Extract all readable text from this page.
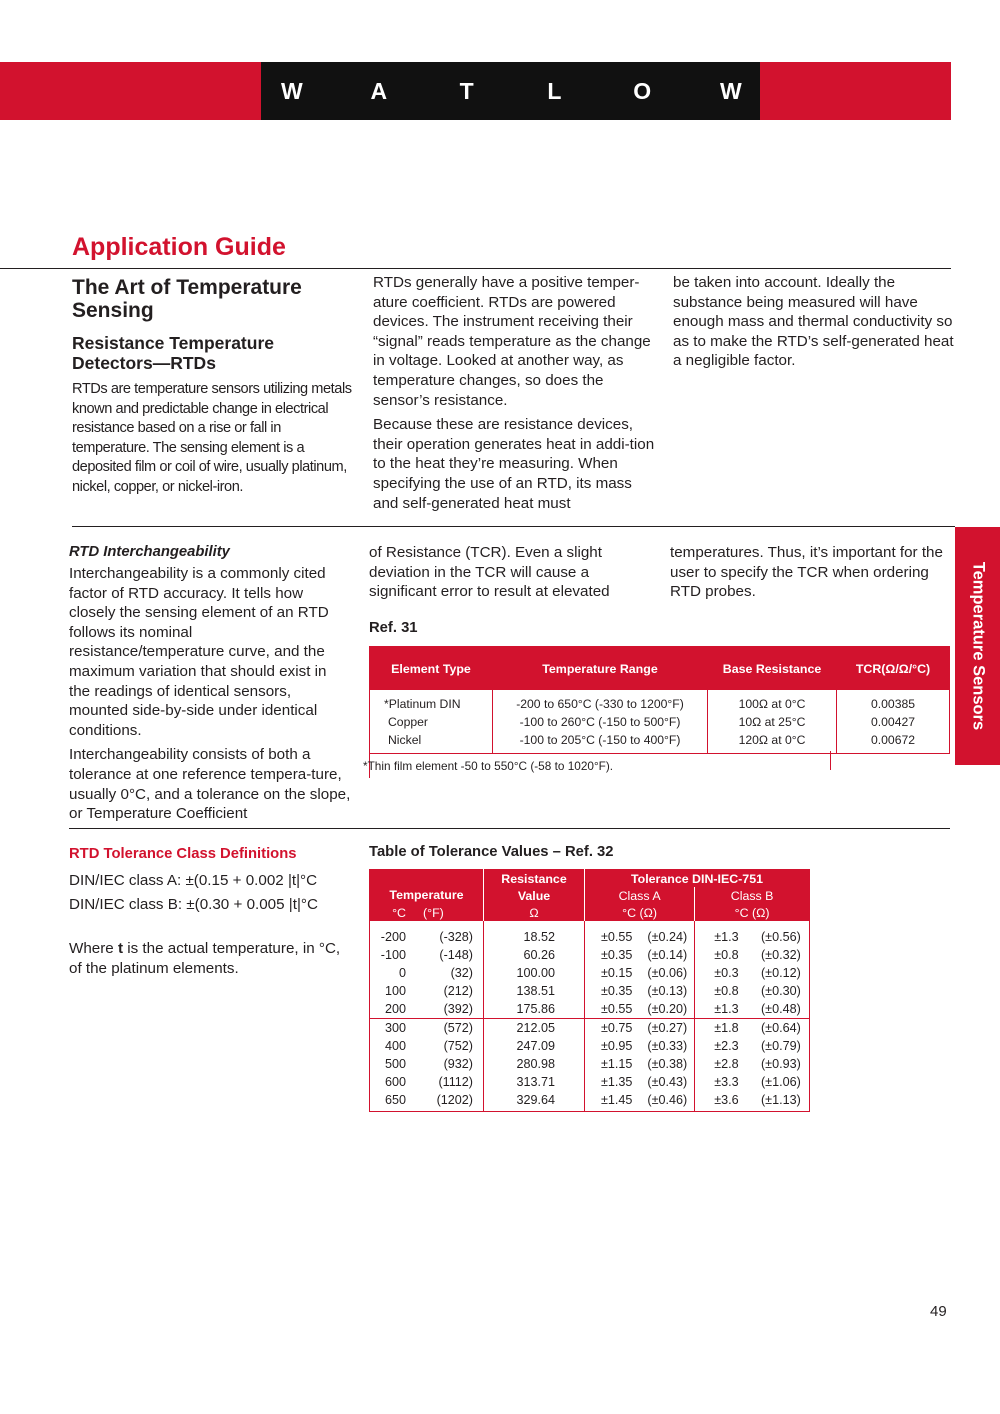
W	A	T	L	O	W
Application Guide
The Art of Temperature Sensing
Resistance Temperature Detectors—RTDs

RTDs are temperature sensors utilizing metals known and predictable change in electrical resistance based on a rise or fall in temperature. The sensing element is a deposited film or coil of wire, usually platinum, nickel, copper, or nickel-iron.

RTDs generally have a positive temper-ature coefficient. RTDs are powered devices. The instrument receiving their “signal” reads temperature as the change in voltage. Looked at another way, as temperature changes, so does the sensor’s resistance.

Because these are resistance devices, their operation generates heat in addi-tion to the heat they’re measuring. When specifying the use of an RTD, its mass and self-generated heat must

be taken into account. Ideally the substance being measured will have enough mass and thermal conductivity so as to make the RTD’s self-generated heat a negligible factor.

Temperature Sensors
RTD Interchangeability

Interchangeability is a commonly cited factor of RTD accuracy. It tells how closely the sensing element of an RTD follows its nominal resistance/temperature curve, and the maximum variation that should exist in the readings of identical sensors, mounted side-by-side under identical conditions.

Interchangeability consists of both a tolerance at one reference tempera-ture, usually 0°C, and a tolerance on the slope, or Temperature Coefficient

of Resistance (TCR). Even a slight deviation in the TCR will cause a significant error to result at elevated

temperatures. Thus, it’s important for the user to specify the TCR when ordering RTD probes.

Ref. 31
Element Type	Temperature Range	Base Resistance	TCR(Ω/Ω/°C)
*Platinum DIN	-200 to 650°C (-330 to 1200°F)	100Ω at 0°C	0.00385
Copper	-100 to 260°C (-150 to 500°F)	10Ω at 25°C	0.00427
Nickel	-100 to 205°C (-150 to 400°F)	120Ω at 0°C	0.00672
*Thin film element -50 to 550°C (-58 to 1020°F).
RTD Tolerance Class Definitions
DIN/IEC class A: ±(0.15 + 0.002 |t|°C
DIN/IEC class B: ±(0.30 + 0.005 |t|°C
Where t is the actual temperature, in °C, of the platinum elements.
Table of Tolerance Values – Ref. 32
Temperature		Resistance	Tolerance DIN-IEC-751			
		Value	Class A		Class B	
°C	(°F)	Ω	°C (Ω)		°C (Ω)	
-200	(-328)	18.52	±0.55	(±0.24)	±1.3	(±0.56)
-100	(-148)	60.26	±0.35	(±0.14)	±0.8	(±0.32)
0	(32)	100.00	±0.15	(±0.06)	±0.3	(±0.12)
100	(212)	138.51	±0.35	(±0.13)	±0.8	(±0.30)
200	(392)	175.86	±0.55	(±0.20)	±1.3	(±0.48)
300	(572)	212.05	±0.75	(±0.27)	±1.8	(±0.64)
400	(752)	247.09	±0.95	(±0.33)	±2.3	(±0.79)
500	(932)	280.98	±1.15	(±0.38)	±2.8	(±0.93)
600	(1112)	313.71	±1.35	(±0.43)	±3.3	(±1.06)
650	(1202)	329.64	±1.45	(±0.46)	±3.6	(±1.13)
49
